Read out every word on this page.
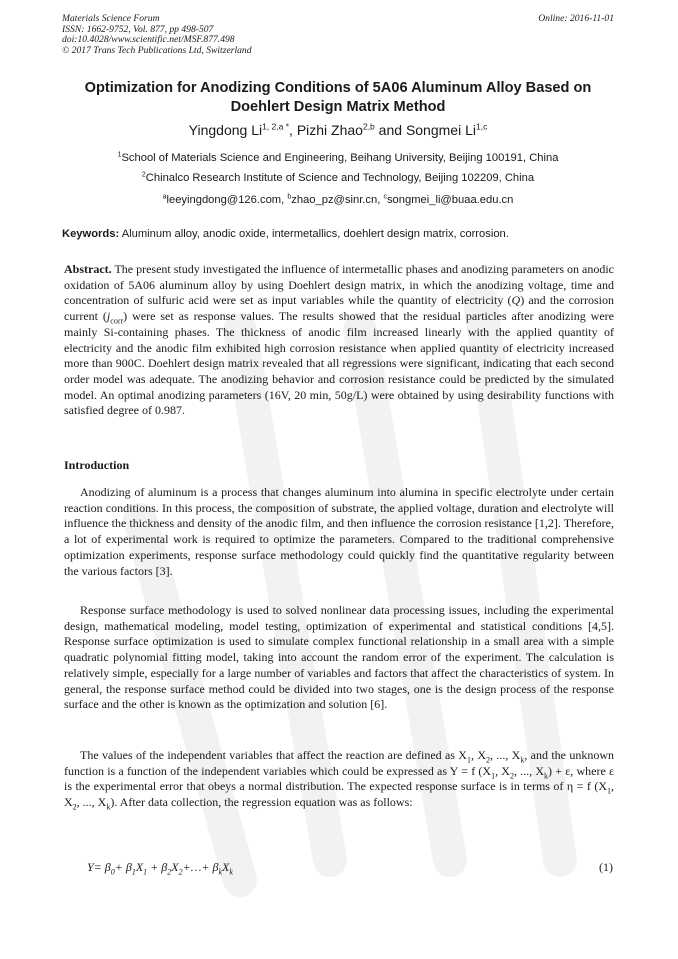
Materials Science Forum
ISSN: 1662-9752, Vol. 877, pp 498-507
doi:10.4028/www.scientific.net/MSF.877.498
© 2017 Trans Tech Publications Ltd, Switzerland
Online: 2016-11-01
Optimization for Anodizing Conditions of 5A06 Aluminum Alloy Based on Doehlert Design Matrix Method
Yingdong $Li^{1, 2,a *}$, Pizhi Zhao$^{2,b}$ and Songmei Li$^{1,c}$
$^1$School of Materials Science and Engineering, Beihang University, Beijing 100191, China
$^2$Chinalco Research Institute of Science and Technology, Beijing 102209, China
$^a$leeyingdong@126.com, $^b$zhao_pz@sinr.cn, $^c$songmei_li@buaa.edu.cn
Keywords: Aluminum alloy, anodic oxide, intermetallics, doehlert design matrix, corrosion.

Abstract. The present study investigated the influence of intermetallic phases and anodizing parameters on anodic oxidation of 5A06 aluminum alloy by using Doehlert design matrix, in which the anodizing voltage, time and concentration of sulfuric acid were set as input variables while the quantity of electricity (Q) and the corrosion current $(j_{corr})$ were set as response values. The results showed that the residual particles after anodizing were mainly Si-containing phases. The thickness of anodic film increased linearly with the applied quantity of electricity and the anodic film exhibited high corrosion resistance when applied quantity of electricity increased more than 900C. Doehlert design matrix revealed that all regressions were significant, indicating that each second order model was adequate. The anodizing behavior and corrosion resistance could be predicted by the simulated model. An optimal anodizing parameters (16V, 20 min, 50g/L) were obtained by using desirability functions with satisfied degree of 0.987.

Introduction

Anodizing of aluminum is a process that changes aluminum into alumina in specific electrolyte under certain reaction conditions. In this process, the composition of substrate, the applied voltage, duration and electrolyte will influence the thickness and density of the anodic film, and then influence the corrosion resistance [1,2]. Therefore, a lot of experimental work is required to optimize the parameters. Compared to the traditional comprehensive optimization experiments, response surface methodology could quickly find the quantitative regularity between the various factors [3].

Response surface methodology is used to solved nonlinear data processing issues, including the experimental design, mathematical modeling, model testing, optimization of experimental and statistical conditions [4,5]. Response surface optimization is used to simulate complex functional relationship in a small area with a simple quadratic polynomial fitting model, taking into account the random error of the experiment. The calculation is relatively simple, especially for a large number of variables and factors that affect the characteristics of system. In general, the response surface method could be divided into two stages, one is the design process of the response surface and the other is known as the optimization and solution [6].

The values of the independent variables that affect the reaction are defined as $X_1$, $X_2$, ..., $X_k$, and the unknown function is a function of the independent variables which could be expressed as Y = f ($X_1$, $X_2$, ..., $X_k) + \varepsilon$, where ε is the experimental error that obeys a normal distribution. The expected response surface is in terms of η = f ($X_1$, $X_2$, ..., $X_k$). After data collection, the regression equation was as follows:

$Y= \beta_0+ \beta_1X_1$ + $\beta_2X_2+\dots+ \beta_kX_k$	(1)
